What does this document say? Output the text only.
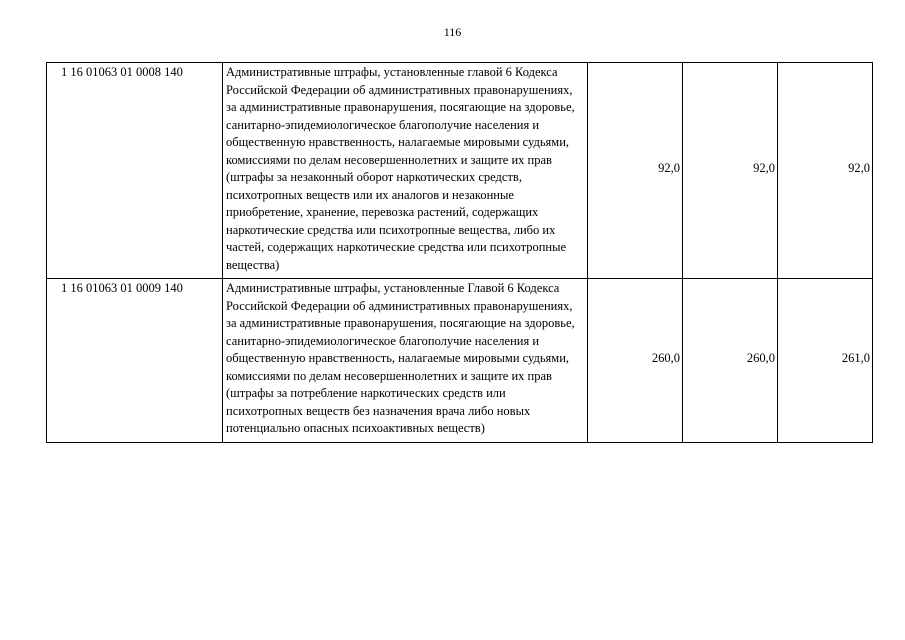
116
1 16 01063 01 0008 140	Административные штрафы, установленные главой 6 Кодекса Российской Федерации об административных правонарушениях, за административные правонарушения, посягающие на здоровье, санитарно-эпидемиологическое благополучие населения и общественную нравственность, налагаемые мировыми судьями, комиссиями по делам несовершеннолетних и защите их прав (штрафы за незаконный оборот наркотических средств, психотропных веществ или их аналогов и незаконные приобретение, хранение, перевозка растений, содержащих наркотические средства или психотропные вещества, либо их частей, содержащих наркотические средства или психотропные вещества)	92,0	92,0	92,0
1 16 01063 01 0009 140	Административные штрафы, установленные Главой 6 Кодекса Российской Федерации об административных правонарушениях, за административные правонарушения, посягающие на здоровье, санитарно-эпидемиологическое благополучие населения и общественную нравственность, налагаемые мировыми судьями, комиссиями по делам несовершеннолетних и защите их прав (штрафы за потребление наркотических средств или психотропных веществ без назначения врача либо новых потенциально опасных психоактивных веществ)	260,0	260,0	261,0
